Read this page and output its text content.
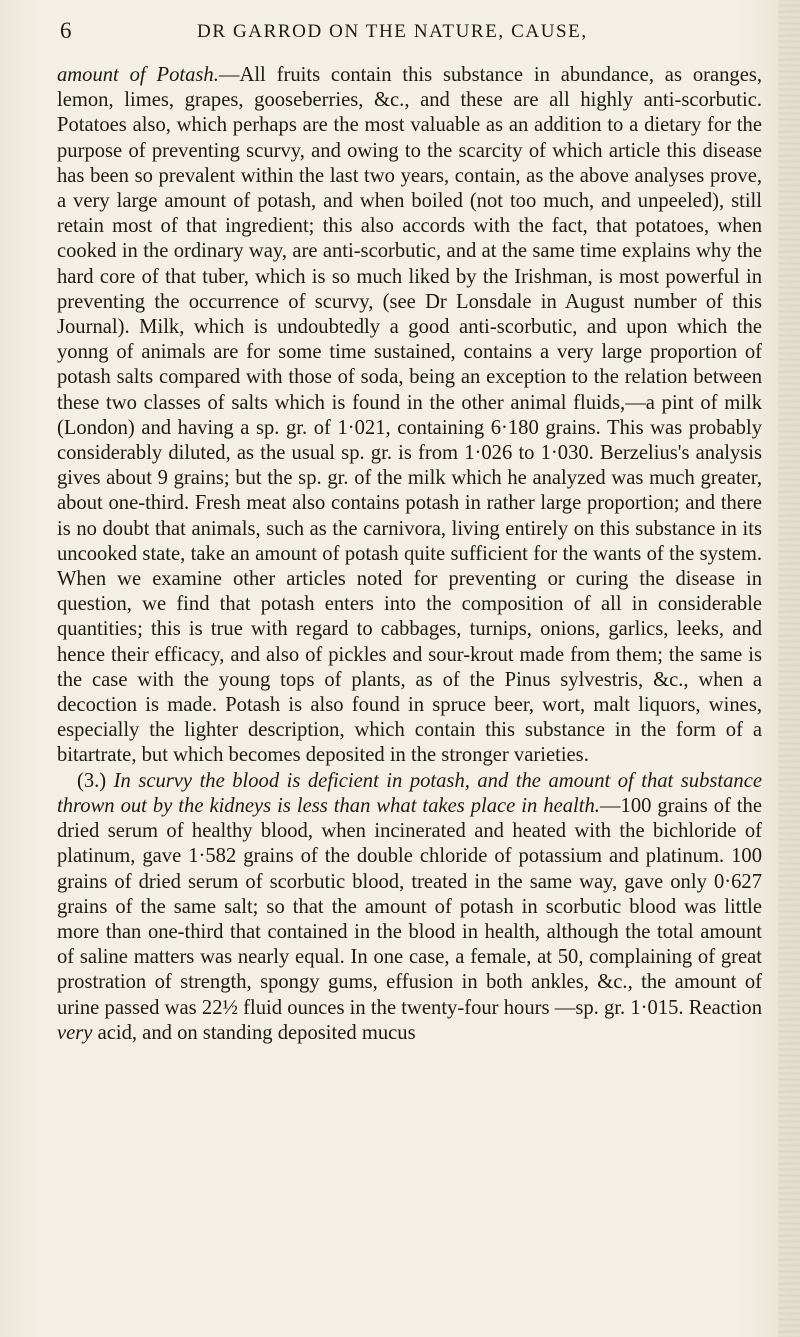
6	DR GARROD ON THE NATURE, CAUSE,

amount of Potash.—All fruits contain this substance in abundance, as oranges, lemon, limes, grapes, gooseberries, &c., and these are all highly anti-scorbutic. Potatoes also, which perhaps are the most valuable as an addition to a dietary for the purpose of preventing scurvy, and owing to the scarcity of which article this disease has been so prevalent within the last two years, contain, as the above analyses prove, a very large amount of potash, and when boiled (not too much, and unpeeled), still retain most of that ingredient; this also accords with the fact, that potatoes, when cooked in the ordinary way, are anti-scorbutic, and at the same time explains why the hard core of that tuber, which is so much liked by the Irishman, is most powerful in preventing the occurrence of scurvy, (see Dr Lonsdale in August number of this Journal). Milk, which is undoubtedly a good anti-scorbutic, and upon which the yonng of animals are for some time sustained, contains a very large proportion of potash salts compared with those of soda, being an exception to the relation between these two classes of salts which is found in the other animal fluids,—a pint of milk (London) and having a sp. gr. of 1·021, containing 6·180 grains. This was probably considerably diluted, as the usual sp. gr. is from 1·026 to 1·030. Berzelius's analysis gives about 9 grains; but the sp. gr. of the milk which he analyzed was much greater, about one-third. Fresh meat also contains potash in rather large proportion; and there is no doubt that animals, such as the carnivora, living entirely on this substance in its uncooked state, take an amount of potash quite sufficient for the wants of the system. When we examine other articles noted for preventing or curing the disease in question, we find that potash enters into the composition of all in considerable quantities; this is true with regard to cabbages, turnips, onions, garlics, leeks, and hence their efficacy, and also of pickles and sour-krout made from them; the same is the case with the young tops of plants, as of the Pinus sylvestris, &c., when a decoction is made. Potash is also found in spruce beer, wort, malt liquors, wines, especially the lighter description, which contain this substance in the form of a bitartrate, but which becomes deposited in the stronger varieties.

(3.) In scurvy the blood is deficient in potash, and the amount of that substance thrown out by the kidneys is less than what takes place in health.—100 grains of the dried serum of healthy blood, when incinerated and heated with the bichloride of platinum, gave 1·582 grains of the double chloride of potassium and platinum. 100 grains of dried serum of scorbutic blood, treated in the same way, gave only 0·627 grains of the same salt; so that the amount of potash in scorbutic blood was little more than one-third that contained in the blood in health, although the total amount of saline matters was nearly equal. In one case, a female, at 50, complaining of great prostration of strength, spongy gums, effusion in both ankles, &c., the amount of urine passed was 22½ fluid ounces in the twenty-four hours —sp. gr. 1·015. Reaction very acid, and on standing deposited mucus
